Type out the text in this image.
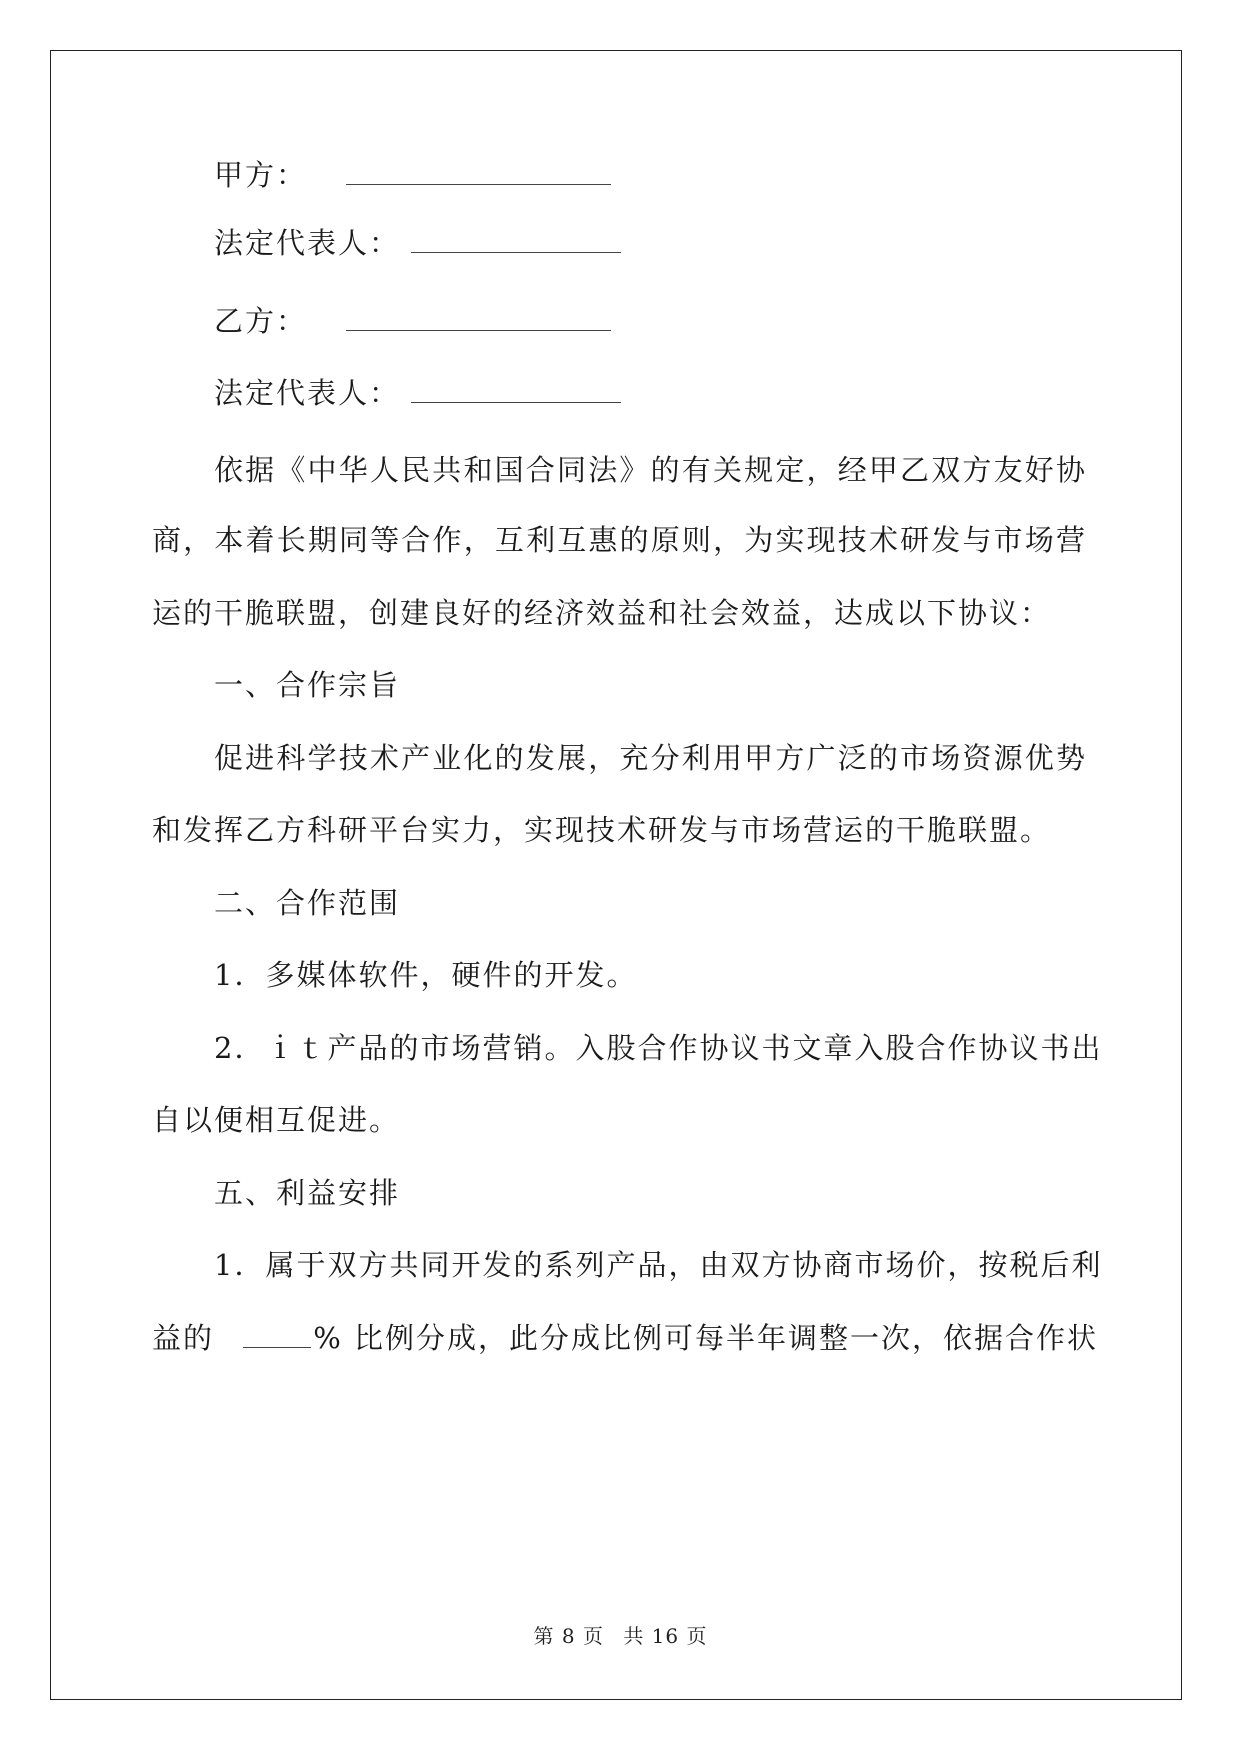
甲方：
法定代表人：
乙方：
法定代表人：
依据《中华人民共和国合同法》的有关规定，经甲乙双方友好协
商，本着长期同等合作，互利互惠的原则，为实现技术研发与市场营
运的干脆联盟，创建良好的经济效益和社会效益，达成以下协议：
一、合作宗旨
促进科学技术产业化的发展，充分利用甲方广泛的市场资源优势
和发挥乙方科研平台实力，实现技术研发与市场营运的干脆联盟。
二、合作范围
1．多媒体软件，硬件的开发。
2．ｉｔ产品的市场营销。入股合作协议书文章入股合作协议书出
自以便相互促进。
五、利益安排
1．属于双方共同开发的系列产品，由双方协商市场价，按税后利
益的	% 比例分成，此分成比例可每半年调整一次，依据合作状
第 8 页 共 16 页
